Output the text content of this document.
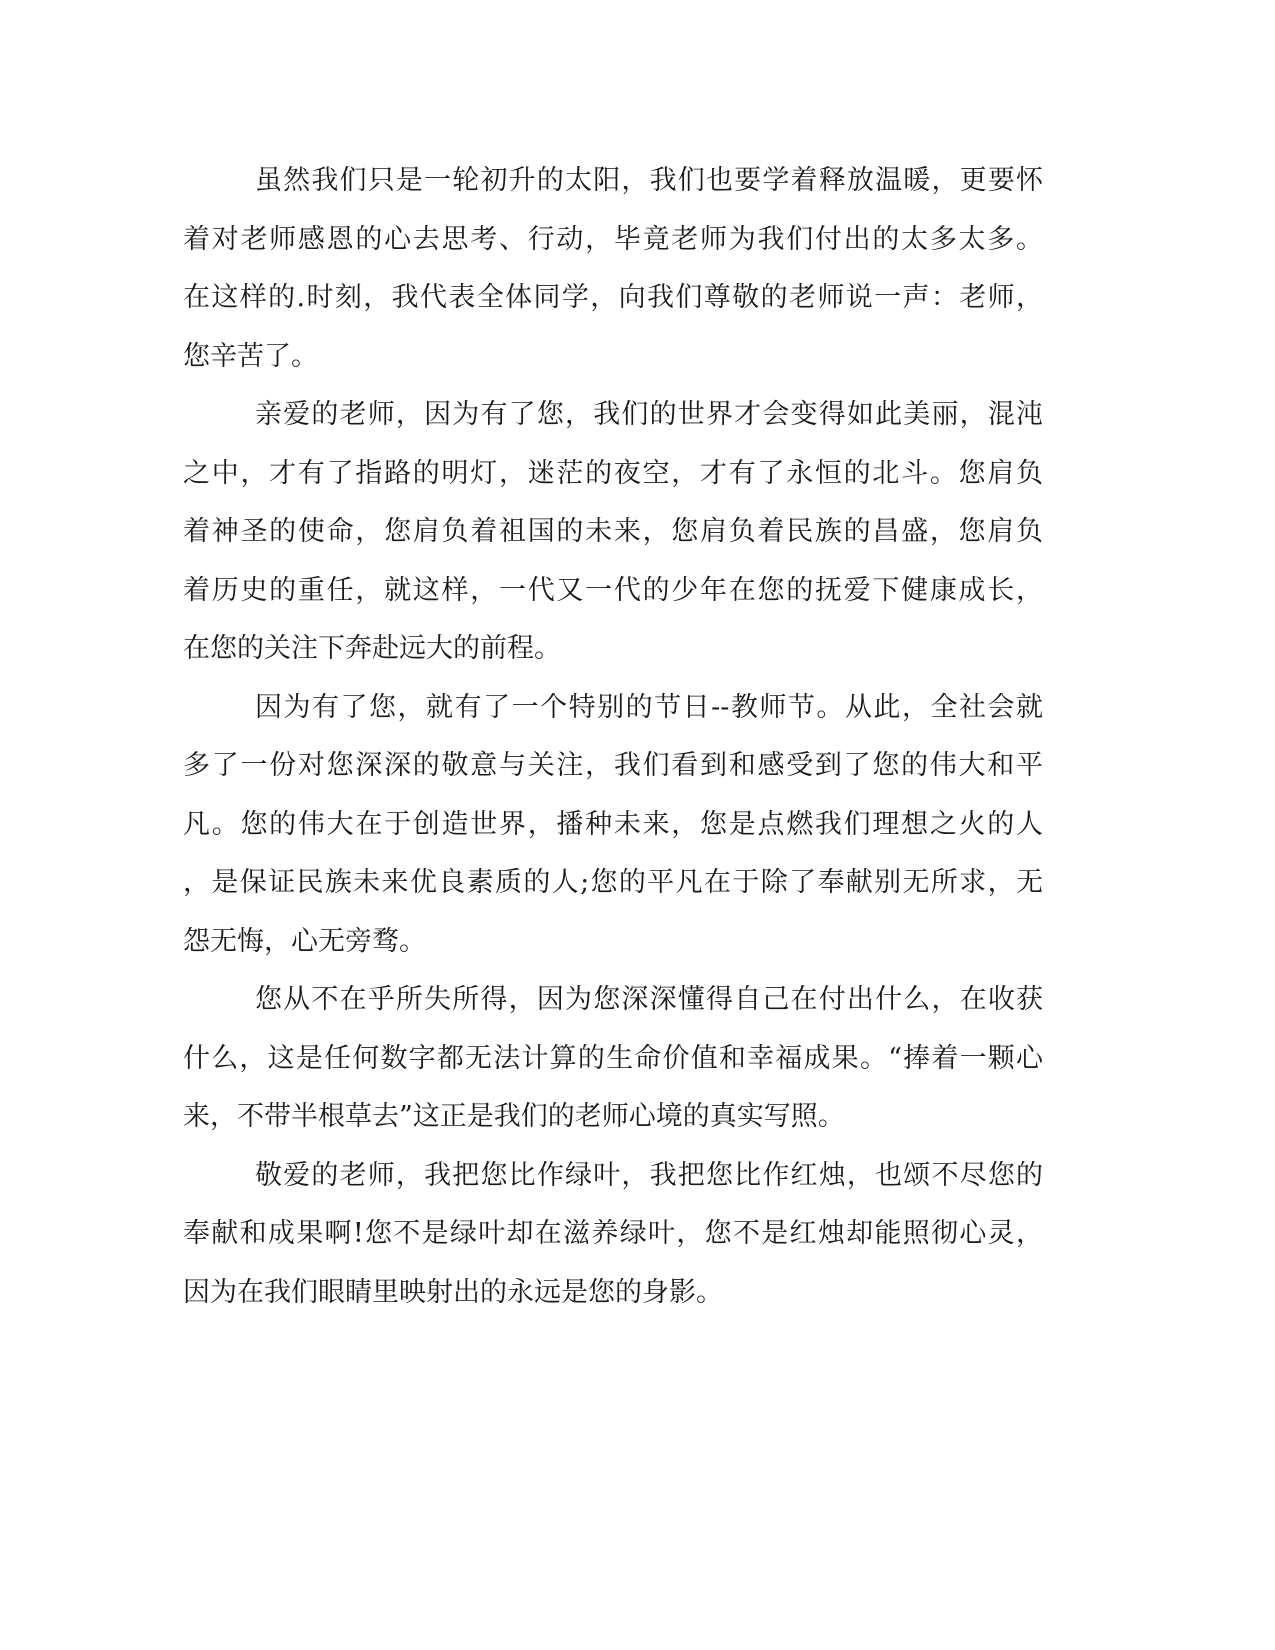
虽然我们只是一轮初升的太阳，我们也要学着释放温暖，更要怀
着对老师感恩的心去思考、行动，毕竟老师为我们付出的太多太多。
在这样的.时刻，我代表全体同学，向我们尊敬的老师说一声：老师，
您辛苦了。

亲爱的老师，因为有了您，我们的世界才会变得如此美丽，混沌
之中，才有了指路的明灯，迷茫的夜空，才有了永恒的北斗。您肩负
着神圣的使命，您肩负着祖国的未来，您肩负着民族的昌盛，您肩负
着历史的重任，就这样，一代又一代的少年在您的抚爱下健康成长，
在您的关注下奔赴远大的前程。

因为有了您，就有了一个特别的节日--教师节。从此，全社会就
多了一份对您深深的敬意与关注，我们看到和感受到了您的伟大和平
凡。您的伟大在于创造世界，播种未来，您是点燃我们理想之火的人
，是保证民族未来优良素质的人;您的平凡在于除了奉献别无所求，无
怨无悔，心无旁骛。

您从不在乎所失所得，因为您深深懂得自己在付出什么，在收获
什么，这是任何数字都无法计算的生命价值和幸福成果。“捧着一颗心
来，不带半根草去”这正是我们的老师心境的真实写照。

敬爱的老师，我把您比作绿叶，我把您比作红烛，也颂不尽您的
奉献和成果啊!您不是绿叶却在滋养绿叶，您不是红烛却能照彻心灵，
因为在我们眼睛里映射出的永远是您的身影。
